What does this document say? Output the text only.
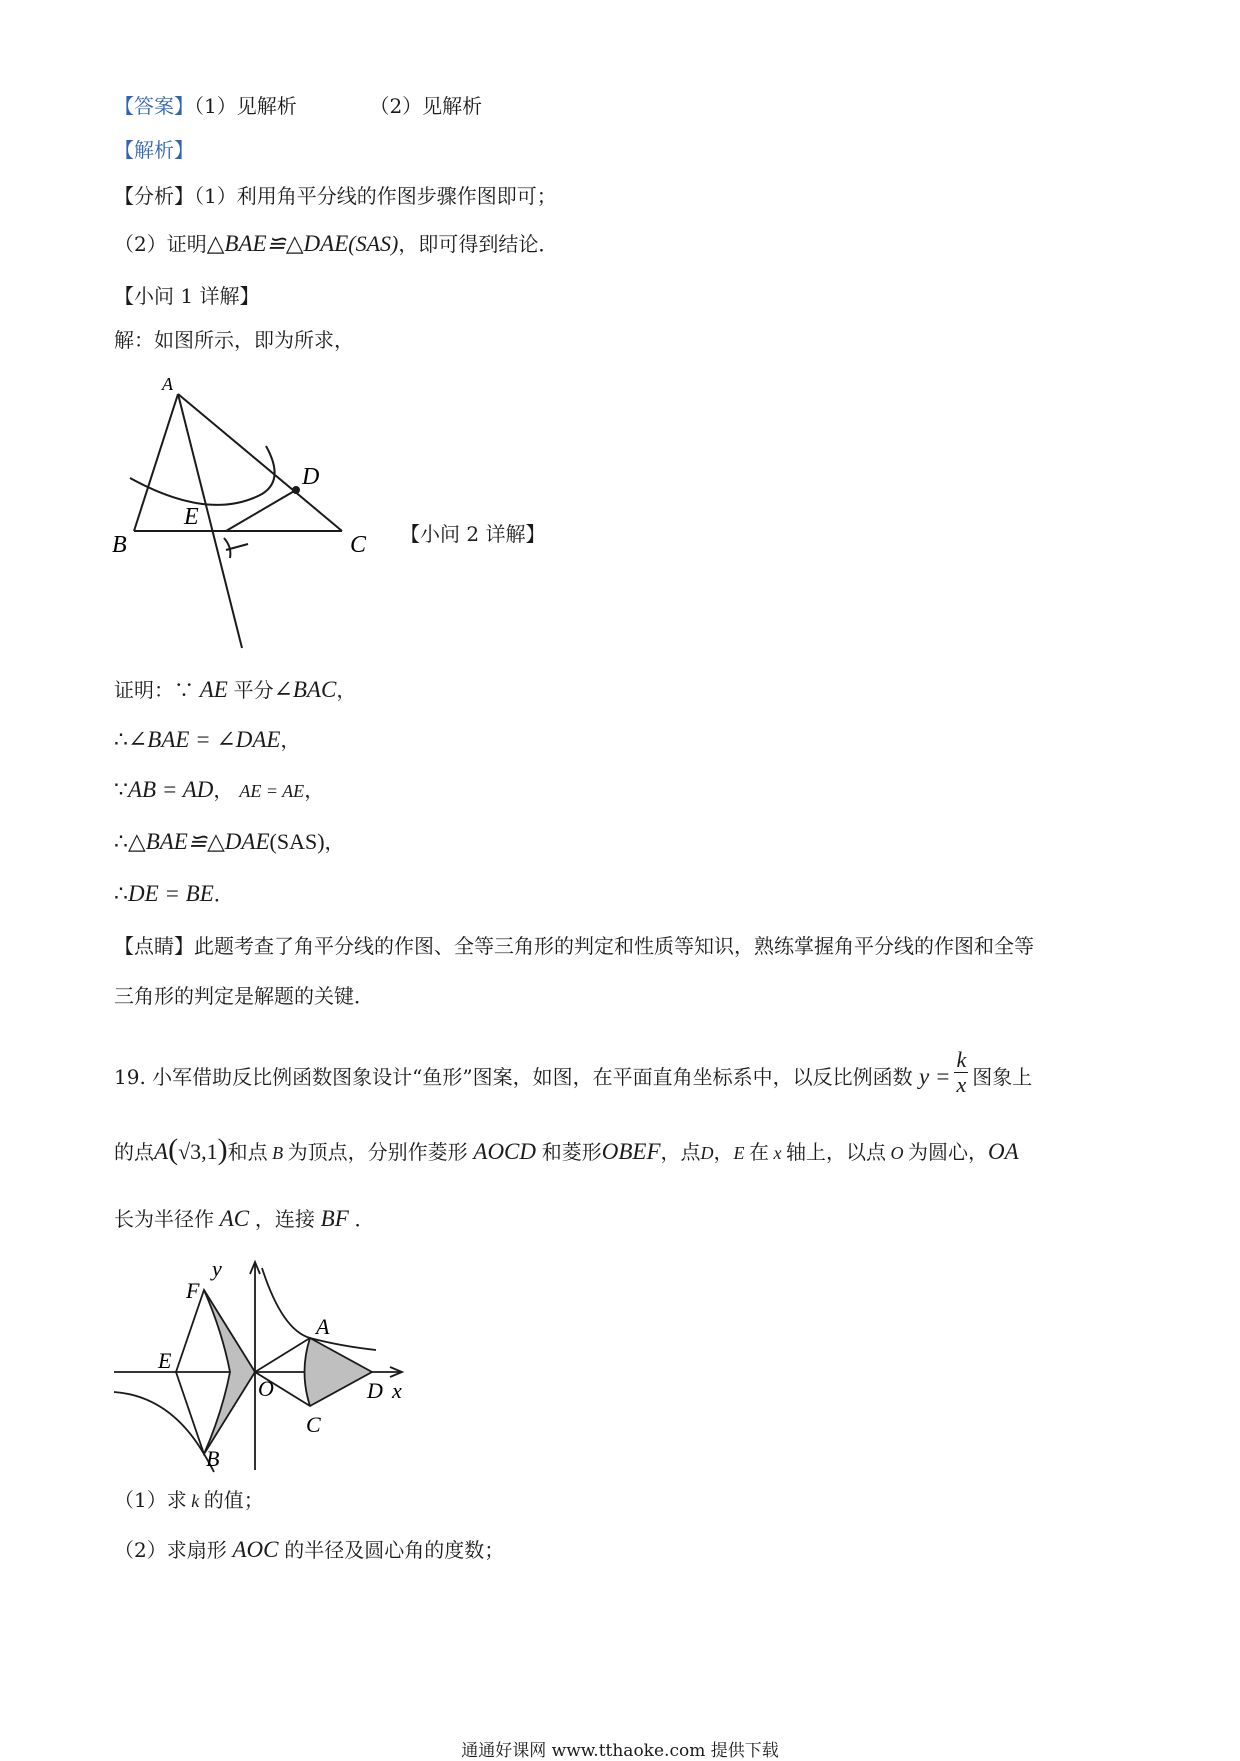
【答案】（1）见解析	（2）见解析
【解析】
【分析】（1）利用角平分线的作图步骤作图即可；
（2）证明△BAE≌△DAE(SAS)，即可得到结论．
【小问 1 详解】
解：如图所示，即为所求，
A
D
B
E
C 【小问 2 详解】
证明：∵ AE 平分∠BAC，
∴∠BAE = ∠DAE，
∵AB = AD， AE = AE，
∴△BAE≌△DAE(SAS)，
∴DE = BE．
【点睛】此题考查了角平分线的作图、全等三角形的判定和性质等知识，熟练掌握角平分线的作图和全等
三角形的判定是解题的关键．
19. 小军借助反比例函数图象设计“鱼形”图案，如图，在平面直角坐标系中，以反比例函数 $y = \frac{k}{x}$ 图象上
的点A(√3,1)和点 B 为顶点，分别作菱形 AOCD 和菱形OBEF，点D，E 在 x 轴上，以点 O 为圆心，OA
长为半径作 AC ，连接 BF ．
y
F
E
O
A
D x
C
B
（1）求 k 的值；
（2）求扇形 AOC 的半径及圆心角的度数；
通通好课网 www.tthaoke.com 提供下载
